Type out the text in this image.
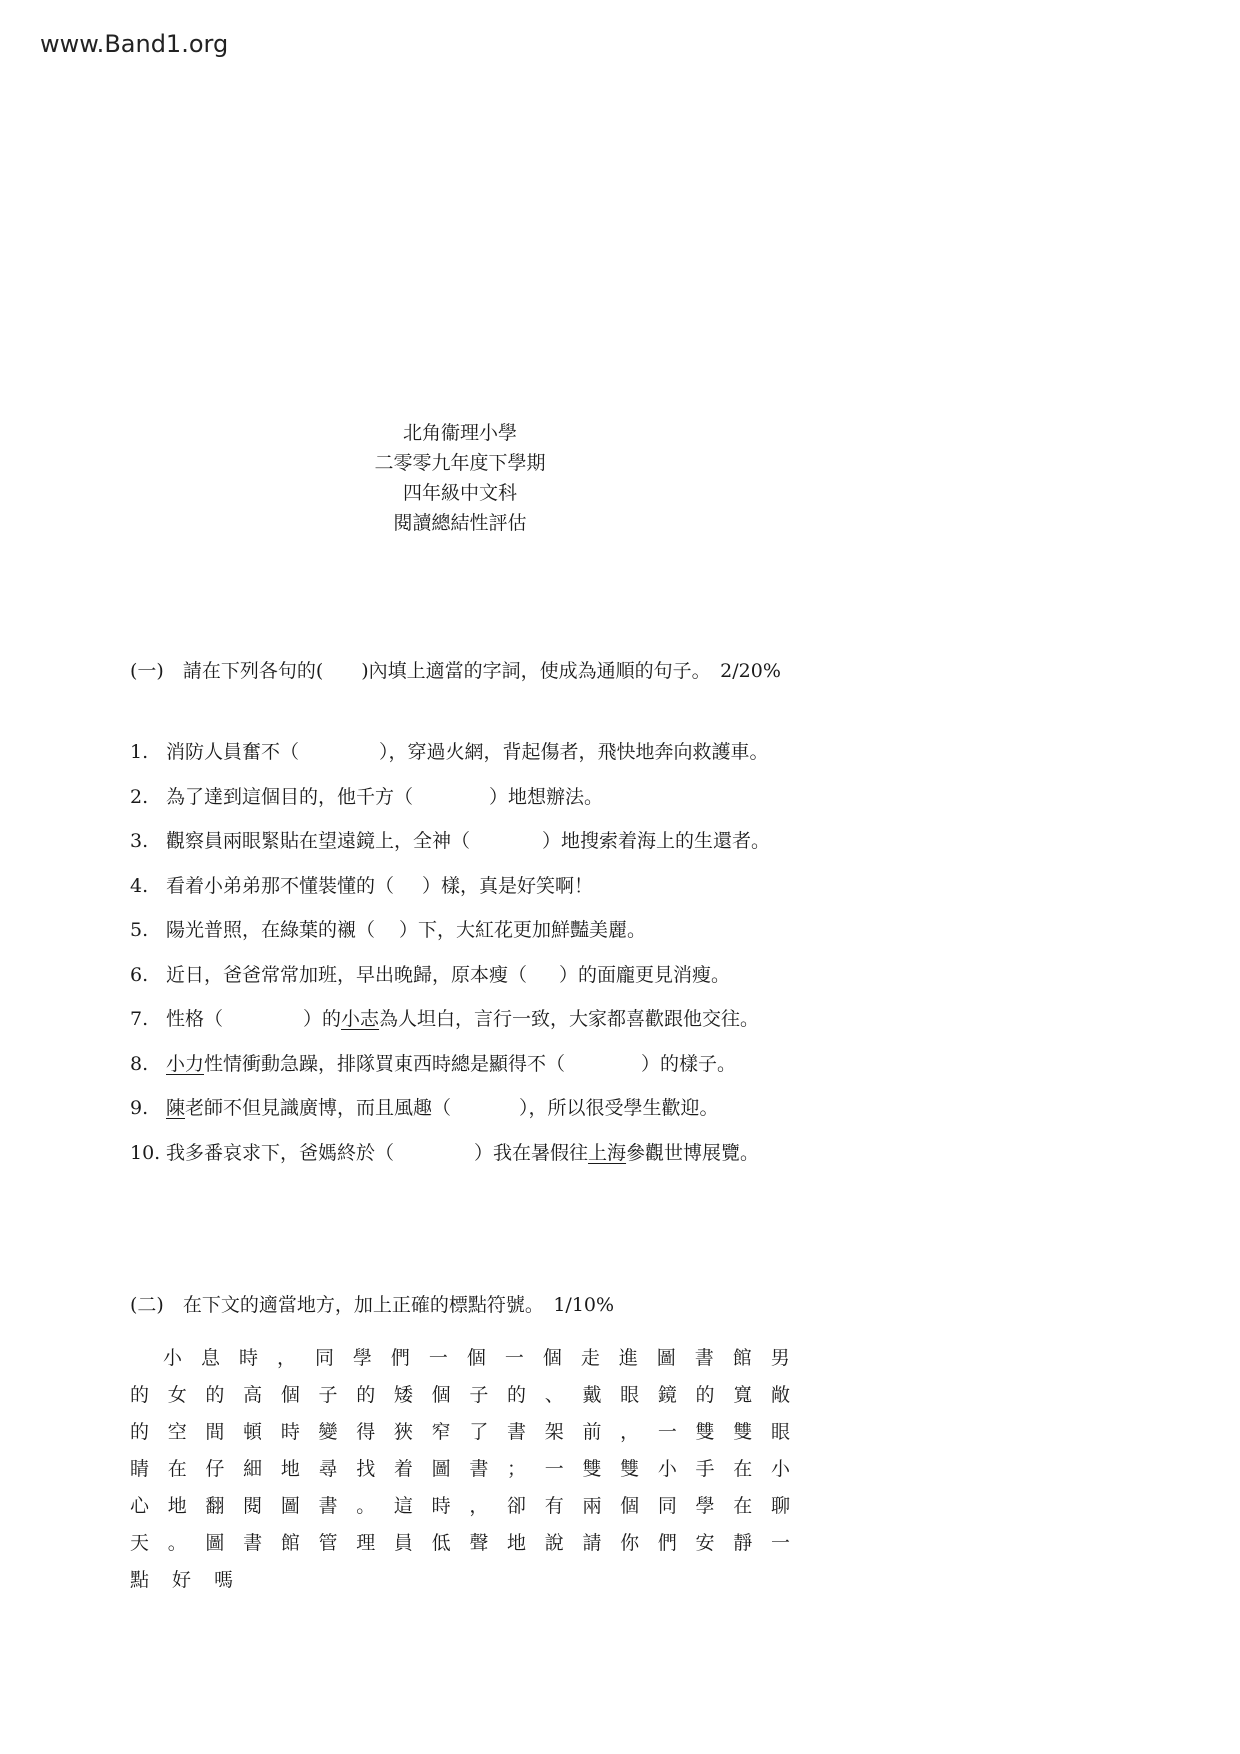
www.Band1.org
北角衞理小學
二零零九年度下學期
四年級中文科
閱讀總結性評估
(一)　請在下列各句的(　　)內填上適當的字詞，使成為通順的句子。　2/20%
1. 消防人員奮不（	），穿過火網，背起傷者，飛快地奔向救護車。
2. 為了達到這個目的，他千方（	）地想辦法。
3. 觀察員兩眼緊貼在望遠鏡上，全神（	）地搜索着海上的生還者。
4. 看着小弟弟那不懂裝懂的（ ）樣，真是好笑啊！
5. 陽光普照，在綠葉的襯（ ）下，大紅花更加鮮豔美麗。
6. 近日，爸爸常常加班，早出晚歸，原本瘦（ ）的面龐更見消瘦。
7. 性格（	）的 小志 為人坦白，言行一致，大家都喜歡跟他交往。
8. 小力 性情衝動急躁，排隊買東西時總是顯得不（	）的樣子。
9. 陳 老師不但見識廣博，而且風趣（	），所以很受學生歡迎。
10. 我多番哀求下，爸媽終於（	）我在暑假往 上海 參觀世博展覽。
(二)　在下文的適當地方，加上正確的標點符號。　1/10%
小 息 時 ， 同 學 們 一 個 一 個 走 進 圖 書 館 男
的 女 的 高 個 子 的 矮 個 子 的 、 戴 眼 鏡 的 寬 敞
的 空 間 頓 時 變 得 狹 窄 了 書 架 前 ， 一 雙 雙 眼
睛 在 仔 細 地 尋 找 着 圖 書 ； 一 雙 雙 小 手 在 小
心 地 翻 閱 圖 書 。 這 時 ， 卻 有 兩 個 同 學 在 聊
天 。 圖 書 館 管 理 員 低 聲 地 說 請 你 們 安 靜 一
點 好 嗎
